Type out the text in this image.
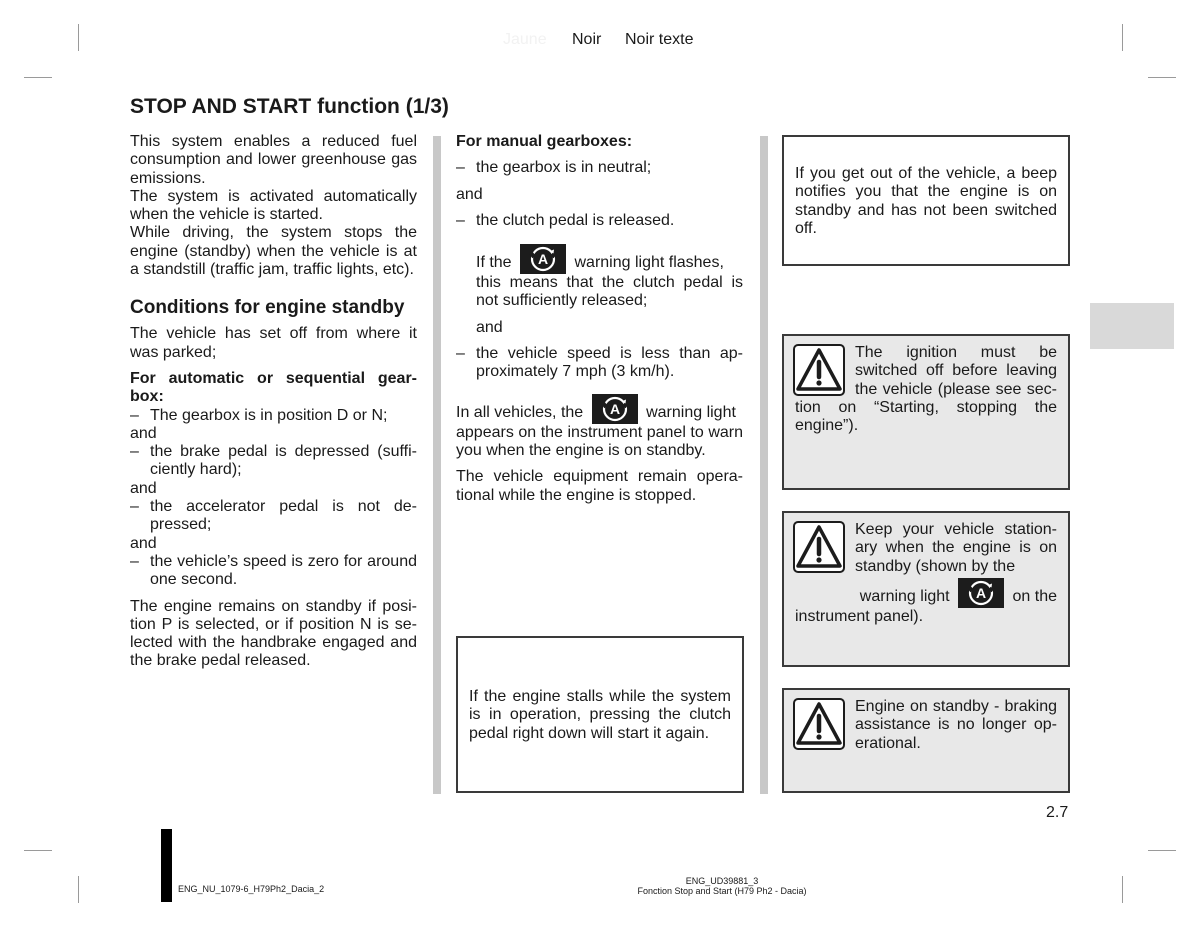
Jaune Noir Noir texte
STOP AND START function (1/3)
This system enables a reduced fuel consumption and lower greenhouse gas emissions.
The system is activated automatically when the vehicle is started.
While driving, the system stops the engine (standby) when the vehicle is at a standstill (traffic jam, traffic lights, etc).
Conditions for engine standby
The vehicle has set off from where it was parked;
For automatic or sequential gear-box:
– The gearbox is in position D or N;
and
– the brake pedal is depressed (suffi-ciently hard);
and
– the accelerator pedal is not de-pressed;
and
– the vehicle’s speed is zero for around one second.
The engine remains on standby if posi-tion P is selected, or if position N is se-lected with the handbrake engaged and the brake pedal released.
For manual gearboxes:
– the gearbox is in neutral;
and
– the clutch pedal is released.
If the A warning light flashes,
this means that the clutch pedal is not sufficiently released;
and
– the vehicle speed is less than ap-proximately 7 mph (3 km/h).
In all vehicles, the A warning light
appears on the instrument panel to warn you when the engine is on standby.
The vehicle equipment remain opera-tional while the engine is stopped.
If the engine stalls while the system is in operation, pressing the clutch pedal right down will start it again.
If you get out of the vehicle, a beep notifies you that the engine is on standby and has not been switched off.
The ignition must be switched off before leaving the vehicle (please see sec-tion on “Starting, stopping the engine”).
Keep your vehicle station-ary when the engine is on standby (shown by the
warning light A on the
instrument panel).
Engine on standby - braking assistance is no longer op-erational.
2.7
ENG_NU_1079-6_H79Ph2_Dacia_2
ENG_UD39881_3
Fonction Stop and Start (H79 Ph2 - Dacia)
